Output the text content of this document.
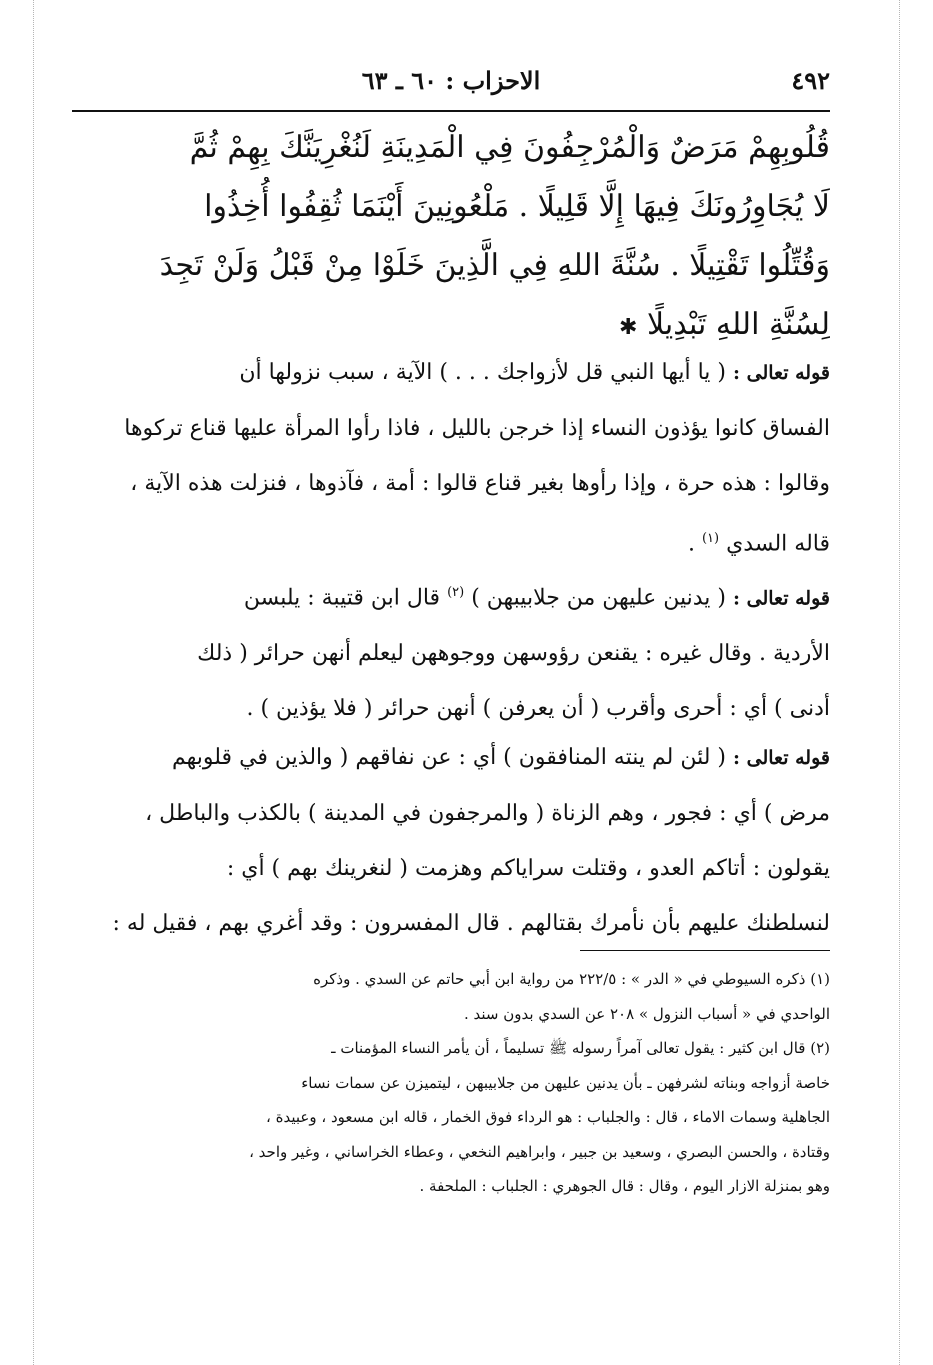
٤٩٢
الاحزاب : ٦٠ ـ ٦٣
قُلُوبِهِمْ مَرَضٌ وَالْمُرْجِفُونَ فِي الْمَدِينَةِ لَنُغْرِيَنَّكَ بِهِمْ ثُمَّ
لَا يُجَاوِرُونَكَ فِيهَا إِلَّا قَلِيلًا . مَلْعُونِينَ أَيْنَمَا ثُقِفُوا أُخِذُوا
وَقُتِّلُوا تَقْتِيلًا . سُنَّةَ اللهِ فِي الَّذِينَ خَلَوْا مِنْ قَبْلُ وَلَنْ تَجِدَ
لِسُنَّةِ اللهِ تَبْدِيلًا ✱
قوله تعالى : ( يا أيها النبي قل لأزواجك . . . ) الآية ، سبب نزولها أن
الفساق كانوا يؤذون النساء إذا خرجن بالليل ، فاذا رأوا المرأة عليها قناع تركوها
وقالوا : هذه حرة ، وإذا رأوها بغير قناع قالوا : أمة ، فآذوها ، فنزلت هذه الآية ،
قاله السدي $^{(١)}$ .
قوله تعالى : ( يدنين عليهن من جلابيبهن ) $^{(٢)}$ قال ابن قتيبة : يلبسن
الأردية . وقال غيره : يقنعن رؤوسهن ووجوههن ليعلم أنهن حرائر ( ذلك
أدنى ) أي : أحرى وأقرب ( أن يعرفن ) أنهن حرائر ( فلا يؤذين ) .
قوله تعالى : ( لئن لم ينته المنافقون ) أي : عن نفاقهم ( والذين في قلوبهم
مرض ) أي : فجور ، وهم الزناة ( والمرجفون في المدينة ) بالكذب والباطل ،
يقولون : أتاكم العدو ، وقتلت سراياكم وهزمت ( لنغرينك بهم ) أي :
لنسلطنك عليهم بأن نأمرك بقتالهم . قال المفسرون : وقد أغري بهم ، فقيل له :
(١) ذكره السيوطي في « الدر » : ٢٢٢/٥ من رواية ابن أبي حاتم عن السدي . وذكره
الواحدي في « أسباب النزول » ٢٠٨ عن السدي بدون سند .
(٢) قال ابن كثير : يقول تعالى آمراً رسوله ﷺ تسليماً ، أن يأمر النساء المؤمنات ـ
خاصة أزواجه وبناته لشرفهن ـ بأن يدنين عليهن من جلابيبهن ، ليتميزن عن سمات نساء
الجاهلية وسمات الاماء ، قال : والجلباب : هو الرداء فوق الخمار ، قاله ابن مسعود ، وعبيدة ،
وقتادة ، والحسن البصري ، وسعيد بن جبير ، وابراهيم النخعي ، وعطاء الخراساني ، وغير واحد ،
وهو بمنزلة الازار اليوم ، وقال : قال الجوهري : الجلباب : الملحفة .
